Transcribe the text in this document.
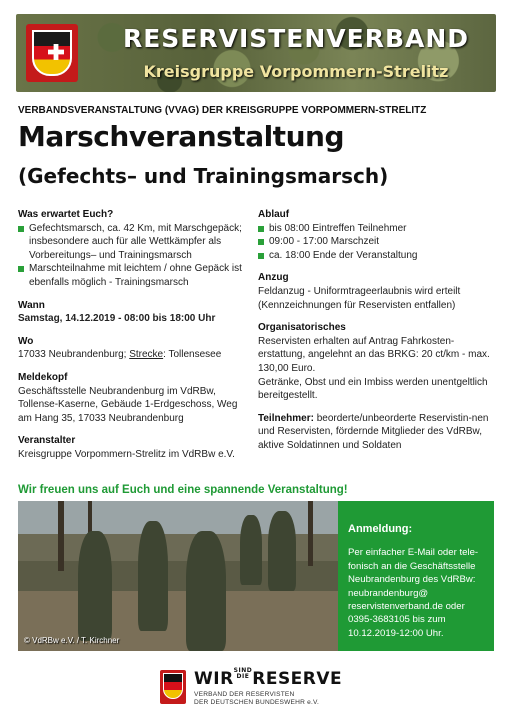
RESERVISTENVERBAND
Kreisgruppe Vorpommern-Strelitz
VERBANDSVERANSTALTUNG (VVAG) DER KREISGRUPPE VORPOMMERN-STRELITZ
Marschveranstaltung
(Gefechts– und Trainingsmarsch)
Was erwartet Euch?
Gefechtsmarsch, ca. 42 Km, mit Marschgepäck; insbesondere auch für alle Wettkämpfer als Vorbereitungs– und Trainingsmarsch
Marschteilnahme mit leichtem / ohne Gepäck ist ebenfalls möglich - Trainingsmarsch
Wann
Samstag, 14.12.2019 - 08:00 bis 18:00 Uhr
Wo
17033 Neubrandenburg; Strecke: Tollensesee
Meldekopf
Geschäftsstelle Neubrandenburg im VdRBw, Tollense-Kaserne, Gebäude 1-Erdgeschoss, Weg am Hang 35, 17033 Neubrandenburg
Veranstalter
Kreisgruppe Vorpommern-Strelitz im VdRBw e.V.
Ablauf
bis 08:00 Eintreffen Teilnehmer
09:00 - 17:00 Marschzeit
ca. 18:00 Ende der Veranstaltung
Anzug
Feldanzug - Uniformtrageerlaubnis wird erteilt (Kennzeichnungen für Reservisten entfallen)
Organisatorisches
Reservisten erhalten auf Antrag Fahrkosten-erstattung, angelehnt an das BRKG: 20 ct/km - max. 130,00 Euro.
Getränke, Obst und ein Imbiss werden unentgeltlich bereitgestellt.
Teilnehmer: beorderte/unbeorderte Reservistin-nen und Reservisten, fördernde Mitglieder des VdRBw, aktive Soldatinnen und Soldaten
Wir freuen uns auf Euch und eine spannende Veranstaltung!
© VdRBw e.V. / T. Kirchner
Anmeldung:
Per einfacher E-Mail oder tele-fonisch an die Geschäftsstelle Neubrandenburg des VdRBw: neubrandenburg@ reservistenverband.de oder 0395-3683105 bis zum 10.12.2019-12:00 Uhr.
WIRSIND
DIE RESERVE
VERBAND DER RESERVISTEN
DER DEUTSCHEN BUNDESWEHR e.V.
